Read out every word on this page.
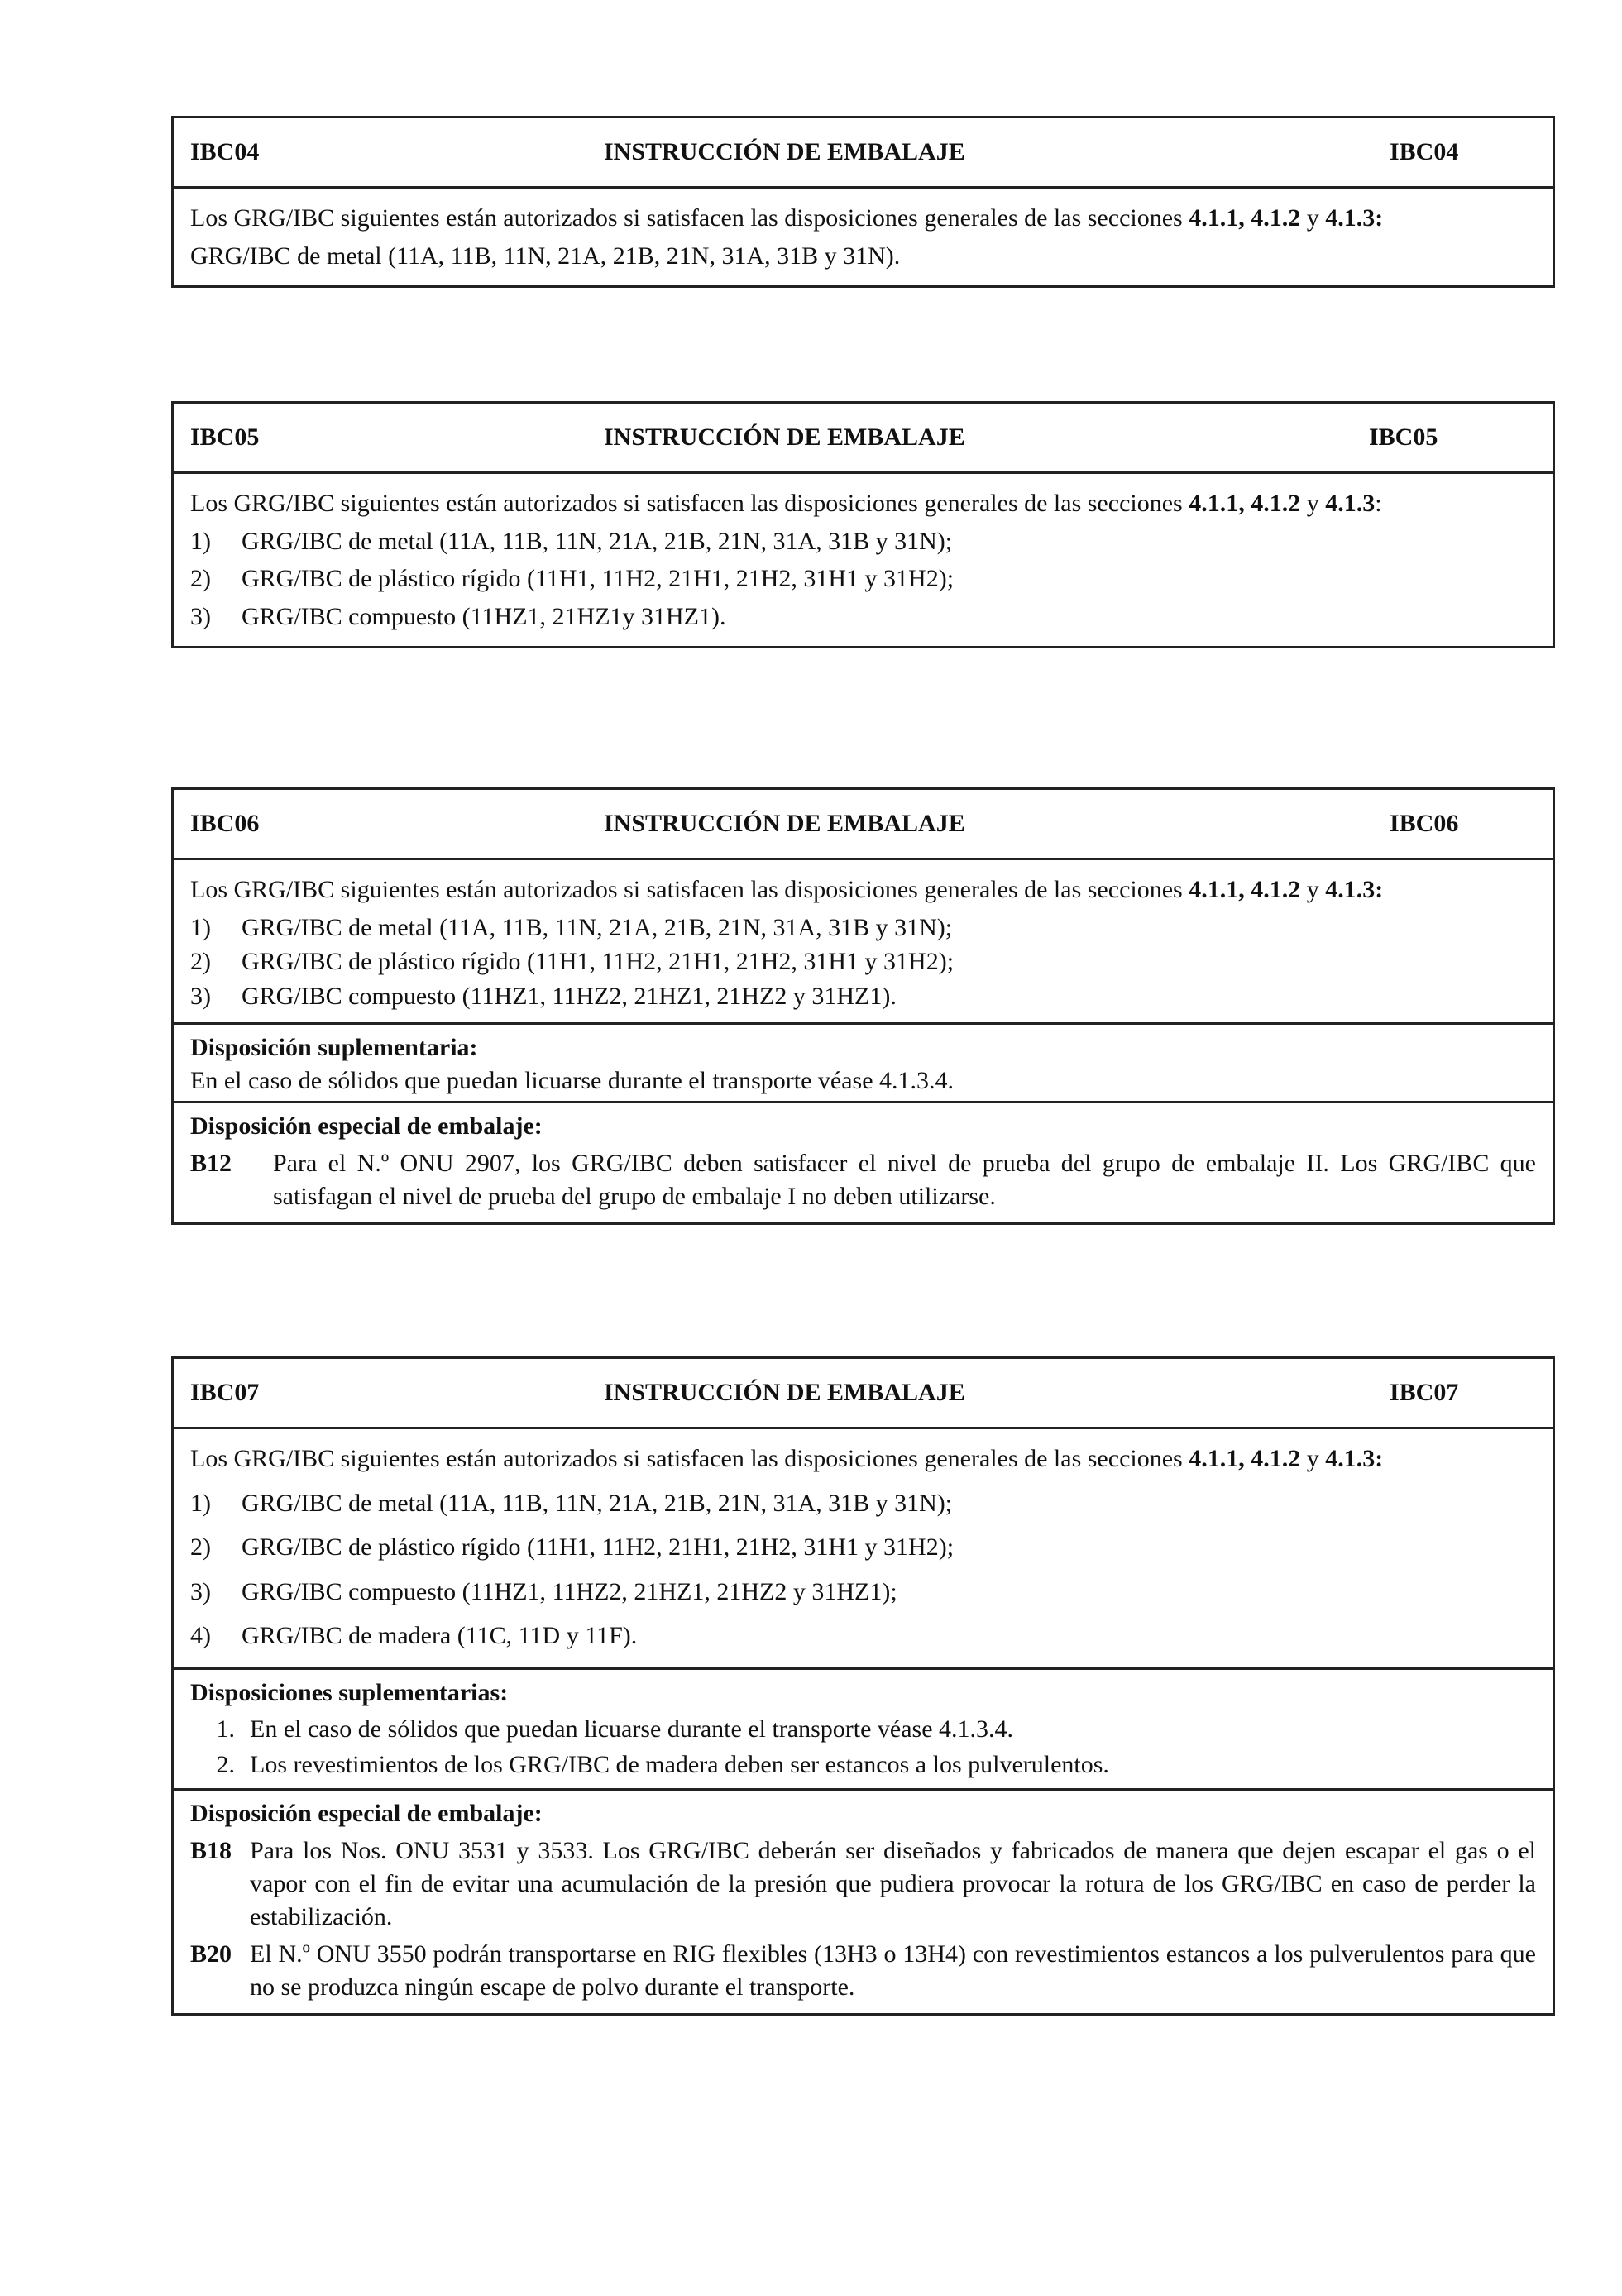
IBC04	INSTRUCCIÓN DE EMBALAJE	IBC04
Los GRG/IBC siguientes están autorizados si satisfacen las disposiciones generales de las secciones 4.1.1, 4.1.2 y 4.1.3:
GRG/IBC de metal (11A, 11B, 11N, 21A, 21B, 21N, 31A, 31B y 31N).
IBC05	INSTRUCCIÓN DE EMBALAJE	IBC05
Los GRG/IBC siguientes están autorizados si satisfacen las disposiciones generales de las secciones 4.1.1, 4.1.2 y 4.1.3:
1)	GRG/IBC de metal (11A, 11B, 11N, 21A, 21B, 21N, 31A, 31B y 31N);
2)	GRG/IBC de plástico rígido (11H1, 11H2, 21H1, 21H2, 31H1 y 31H2);
3)	GRG/IBC compuesto (11HZ1, 21HZ1y 31HZ1).
IBC06	INSTRUCCIÓN DE EMBALAJE	IBC06
Los GRG/IBC siguientes están autorizados si satisfacen las disposiciones generales de las secciones 4.1.1, 4.1.2 y 4.1.3:
1)	GRG/IBC de metal (11A, 11B, 11N, 21A, 21B, 21N, 31A, 31B y 31N);
2)	GRG/IBC de plástico rígido (11H1, 11H2, 21H1, 21H2, 31H1 y 31H2);
3)	GRG/IBC compuesto (11HZ1, 11HZ2, 21HZ1, 21HZ2 y 31HZ1).
Disposición suplementaria:
En el caso de sólidos que puedan licuarse durante el transporte véase 4.1.3.4.
Disposición especial de embalaje:
B12	Para el N.º ONU 2907, los GRG/IBC deben satisfacer el nivel de prueba del grupo de embalaje II. Los GRG/IBC que satisfagan el nivel de prueba del grupo de embalaje I no deben utilizarse.
IBC07	INSTRUCCIÓN DE EMBALAJE	IBC07
Los GRG/IBC siguientes están autorizados si satisfacen las disposiciones generales de las secciones 4.1.1, 4.1.2 y 4.1.3:
1)	GRG/IBC de metal (11A, 11B, 11N, 21A, 21B, 21N, 31A, 31B y 31N);
2)	GRG/IBC de plástico rígido (11H1, 11H2, 21H1, 21H2, 31H1 y 31H2);
3)	GRG/IBC compuesto (11HZ1, 11HZ2, 21HZ1, 21HZ2 y 31HZ1);
4)	GRG/IBC de madera (11C, 11D y 11F).
Disposiciones suplementarias:
1. En el caso de sólidos que puedan licuarse durante el transporte véase 4.1.3.4.
2. Los revestimientos de los GRG/IBC de madera deben ser estancos a los pulverulentos.
Disposición especial de embalaje:
B18 Para los Nos. ONU 3531 y 3533. Los GRG/IBC deberán ser diseñados y fabricados de manera que dejen escapar el gas o el vapor con el fin de evitar una acumulación de la presión que pudiera provocar la rotura de los GRG/IBC en caso de perder la estabilización.
B20 El N.º ONU 3550 podrán transportarse en RIG flexibles (13H3 o 13H4) con revestimientos estancos a los pulverulentos para que no se produzca ningún escape de polvo durante el transporte.
